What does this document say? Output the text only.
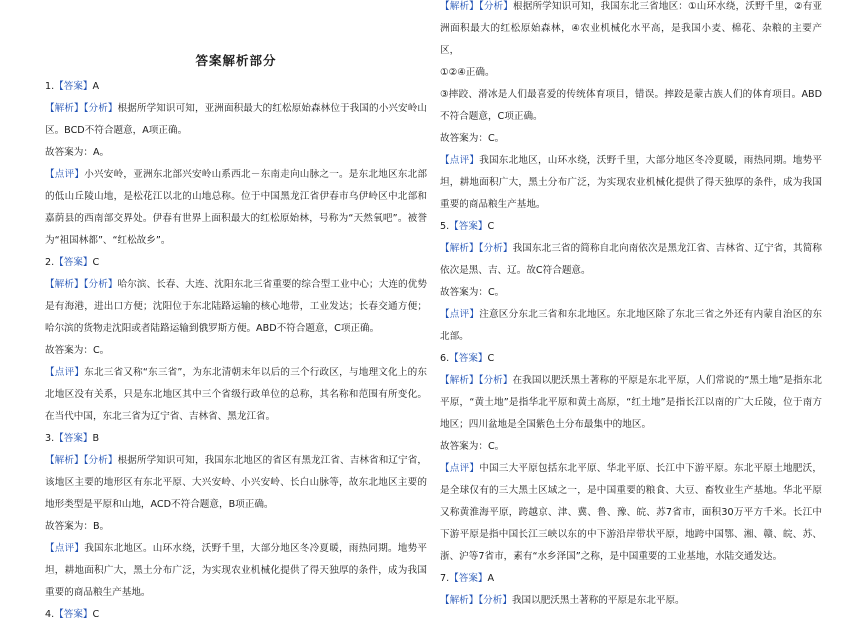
答案解析部分

1.【答案】A

【解析】【分析】根据所学知识可知，亚洲面积最大的红松原始森林位于我国的小兴安岭山区。BCD不符合题意，A项正确。

故答案为：A。

【点评】小兴安岭，亚洲东北部兴安岭山系西北－东南走向山脉之一。是东北地区东北部的低山丘陵山地，是松花江以北的山地总称。位于中国黑龙江省伊春市乌伊岭区中北部和嘉荫县的西南部交界处。伊春有世界上面积最大的红松原始林，号称为“天然氧吧”。被誉为“祖国林都”、“红松故乡”。

2.【答案】C

【解析】【分析】哈尔滨、长春、大连、沈阳东北三省重要的综合型工业中心；大连的优势是有海港，进出口方便；沈阳位于东北陆路运输的核心地带，工业发达；长春交通方便；哈尔滨的货物走沈阳或者陆路运输到俄罗斯方便。ABD不符合题意，C项正确。

故答案为：C。

【点评】东北三省又称“东三省”，为东北清朝末年以后的三个行政区，与地理文化上的东北地区没有关系，只是东北地区其中三个省级行政单位的总称，其名称和范围有所变化。在当代中国，东北三省为辽宁省、吉林省、黑龙江省。

3.【答案】B

【解析】【分析】根据所学知识可知，我国东北地区的省区有黑龙江省、吉林省和辽宁省，该地区主要的地形区有东北平原、大兴安岭、小兴安岭、长白山脉等，故东北地区主要的地形类型是平原和山地，ACD不符合题意，B项正确。

故答案为：B。

【点评】我国东北地区。山环水绕，沃野千里，大部分地区冬冷夏暖，雨热同期。地势平坦，耕地面积广大，黑土分布广泛，为实现农业机械化提供了得天独厚的条件，成为我国重要的商品粮生产基地。

4.【答案】C

【解析】【分析】根据所学知识可知，我国东北三省地区：①山环水绕，沃野千里，②有亚洲面积最大的红松原始森林，④农业机械化水平高，是我国小麦、棉花、杂粮的主要产区，

①②④正确。

③摔跤、滑冰是人们最喜爱的传统体育项目，错误。摔跤是蒙古族人们的体育项目。ABD不符合题意，C项正确。

故答案为：C。

【点评】我国东北地区，山环水绕，沃野千里，大部分地区冬冷夏暖，雨热同期。地势平坦，耕地面积广大，黑土分布广泛，为实现农业机械化提供了得天独厚的条件，成为我国重要的商品粮生产基地。

5.【答案】C

【解析】【分析】我国东北三省的简称自北向南依次是黑龙江省、吉林省、辽宁省，其简称依次是黑、吉、辽。故C符合题意。

故答案为：C。

【点评】注意区分东北三省和东北地区。东北地区除了东北三省之外还有内蒙自治区的东北部。

6.【答案】C

【解析】【分析】在我国以肥沃黑土著称的平原是东北平原，人们常说的“黑土地”是指东北平原，“黄土地”是指华北平原和黄土高原，“红土地”是指长江以南的广大丘陵，位于南方地区；四川盆地是全国紫色土分布最集中的地区。

故答案为：C。

【点评】中国三大平原包括东北平原、华北平原、长江中下游平原。东北平原土地肥沃，是全球仅有的三大黑土区域之一，是中国重要的粮食、大豆、畜牧业生产基地。华北平原又称黄淮海平原，跨越京、津、冀、鲁、豫、皖、苏7省市，面积30万平方千米。长江中下游平原是指中国长江三峡以东的中下游沿岸带状平原，地跨中国鄂、湘、赣、皖、苏、浙、沪等7省市，素有“水乡泽国”之称，是中国重要的工业基地，水陆交通发达。

7.【答案】A

【解析】【分析】我国以肥沃黑土著称的平原是东北平原。
